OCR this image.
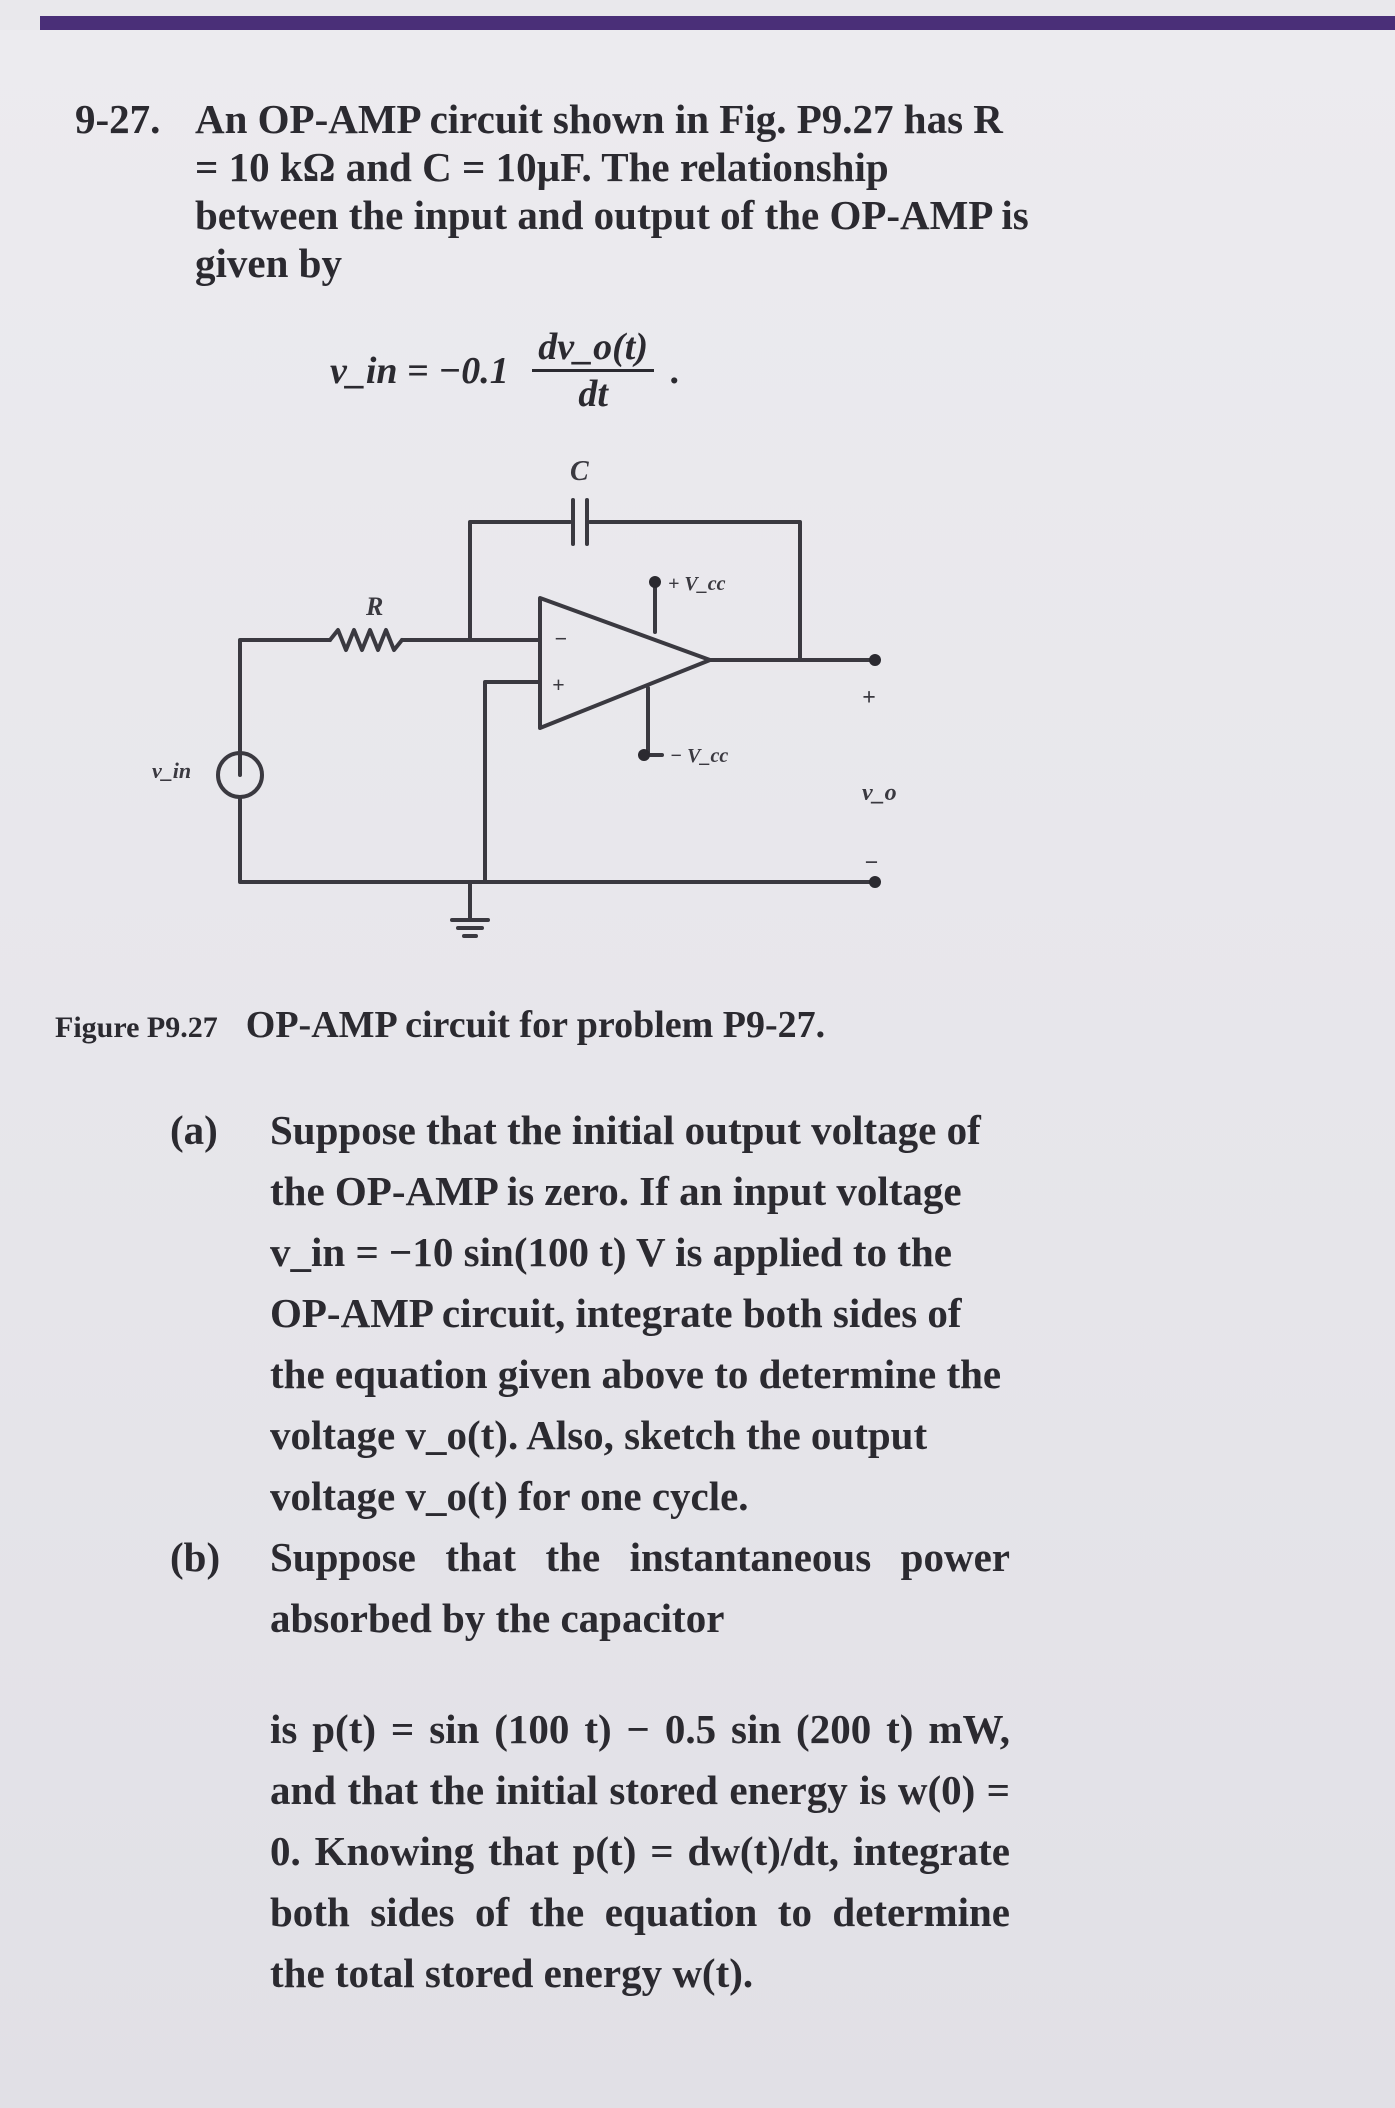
9-27. An OP-AMP circuit shown in Fig. P9.27 has R = 10 kΩ and C = 10µF. The relationship between the input and output of the OP-AMP is given by
v_in = $-0.1 \frac{dv\_o(t)}{dt}$ .
C
R
v_in
+ V_cc
− V_cc
−
+
+
v_o
−
Figure P9.27 OP-AMP circuit for problem P9-27.
(a) Suppose that the initial output voltage of the OP-AMP is zero. If an input voltage v_in = −10 sin(100 t) V is applied to the OP-AMP circuit, integrate both sides of the equation given above to determine the voltage v_o(t). Also, sketch the output voltage v_o(t) for one cycle.
(b) Suppose that the instantaneous power absorbed by the capacitor
is p(t) = sin (100 t) − 0.5 sin (200 t) mW, and that the initial stored energy is w(0) = 0. Knowing that p(t) = dw(t)/dt, integrate both sides of the equation to determine the total stored energy w(t).
